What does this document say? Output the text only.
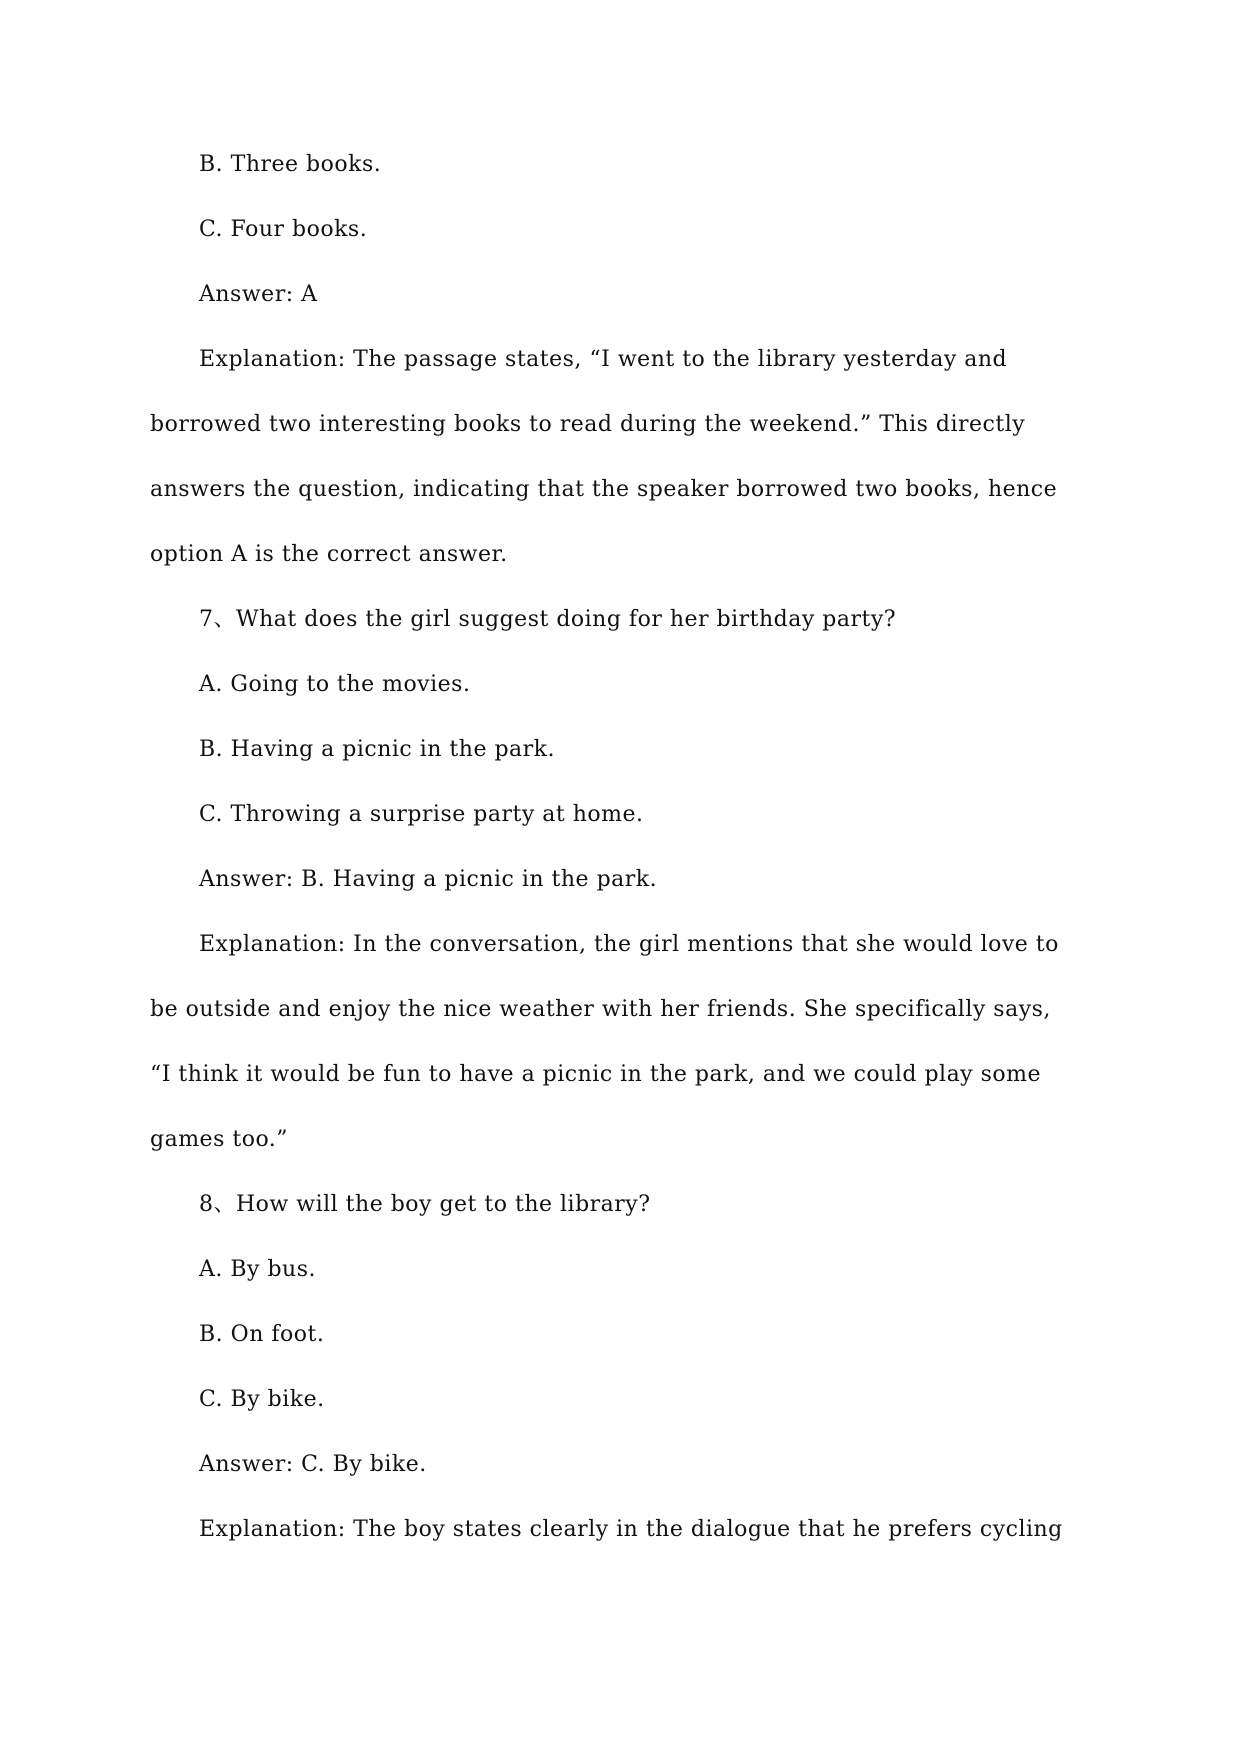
B. Three books.
C. Four books.
Answer: A
Explanation: The passage states, “I went to the library yesterday and
borrowed two interesting books to read during the weekend.” This directly
answers the question, indicating that the speaker borrowed two books, hence
option A is the correct answer.
7、What does the girl suggest doing for her birthday party?
A. Going to the movies.
B. Having a picnic in the park.
C. Throwing a surprise party at home.
Answer: B. Having a picnic in the park.
Explanation: In the conversation, the girl mentions that she would love to
be outside and enjoy the nice weather with her friends. She specifically says,
“I think it would be fun to have a picnic in the park, and we could play some
games too.”
8、How will the boy get to the library?
A. By bus.
B. On foot.
C. By bike.
Answer: C. By bike.
Explanation: The boy states clearly in the dialogue that he prefers cycling
